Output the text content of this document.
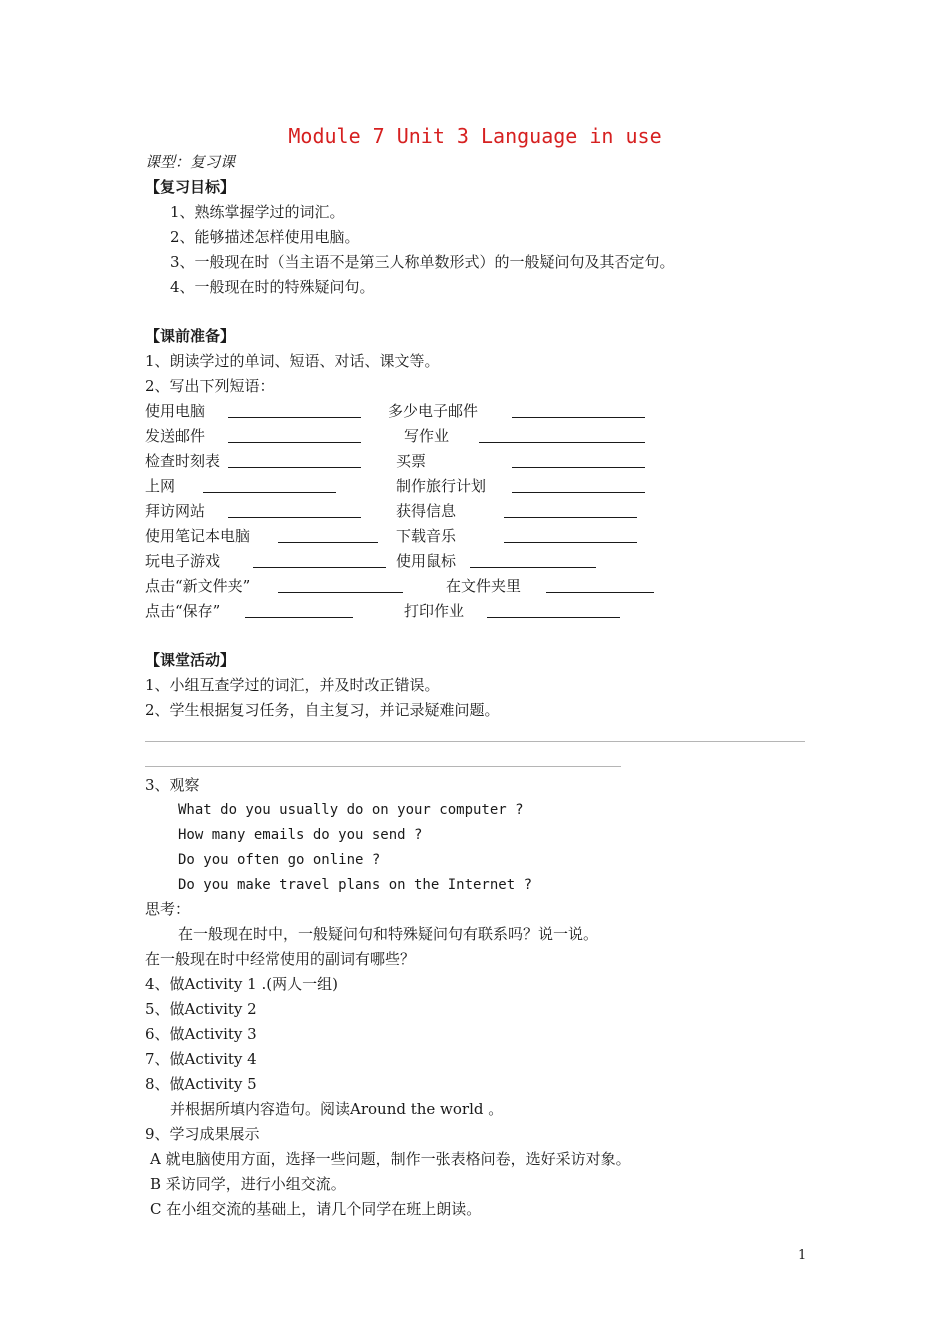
Module 7 Unit 3 Language in use
课型：复习课
【复习目标】
1、熟练掌握学过的词汇。
2、能够描述怎样使用电脑。
3、一般现在时（当主语不是第三人称单数形式）的一般疑问句及其否定句。
4、一般现在时的特殊疑问句。
【课前准备】
1、朗读学过的单词、短语、对话、课文等。
2、写出下列短语：
使用电脑	多少电子邮件
发送邮件	写作业
检查时刻表	买票
上网	制作旅行计划
拜访网站	获得信息
使用笔记本电脑	下载音乐
玩电子游戏	使用鼠标
点击“新文件夹”	在文件夹里
点击“保存”	打印作业
【课堂活动】
1、小组互查学过的词汇，并及时改正错误。
2、学生根据复习任务，自主复习，并记录疑难问题。
3、观察
What do you usually do on your computer ?
How many emails do you send ?
Do you often go online ?
Do you make travel plans on the Internet ?
思考：
在一般现在时中，一般疑问句和特殊疑问句有联系吗？说一说。
在一般现在时中经常使用的副词有哪些？
4、做Activity 1 .(两人一组)
5、做Activity 2
6、做Activity 3
7、做Activity 4
8、做Activity 5
并根据所填内容造句。阅读Around the world 。
9、学习成果展示
A 就电脑使用方面，选择一些问题，制作一张表格问卷，选好采访对象。
B 采访同学，进行小组交流。
C 在小组交流的基础上，请几个同学在班上朗读。
1
